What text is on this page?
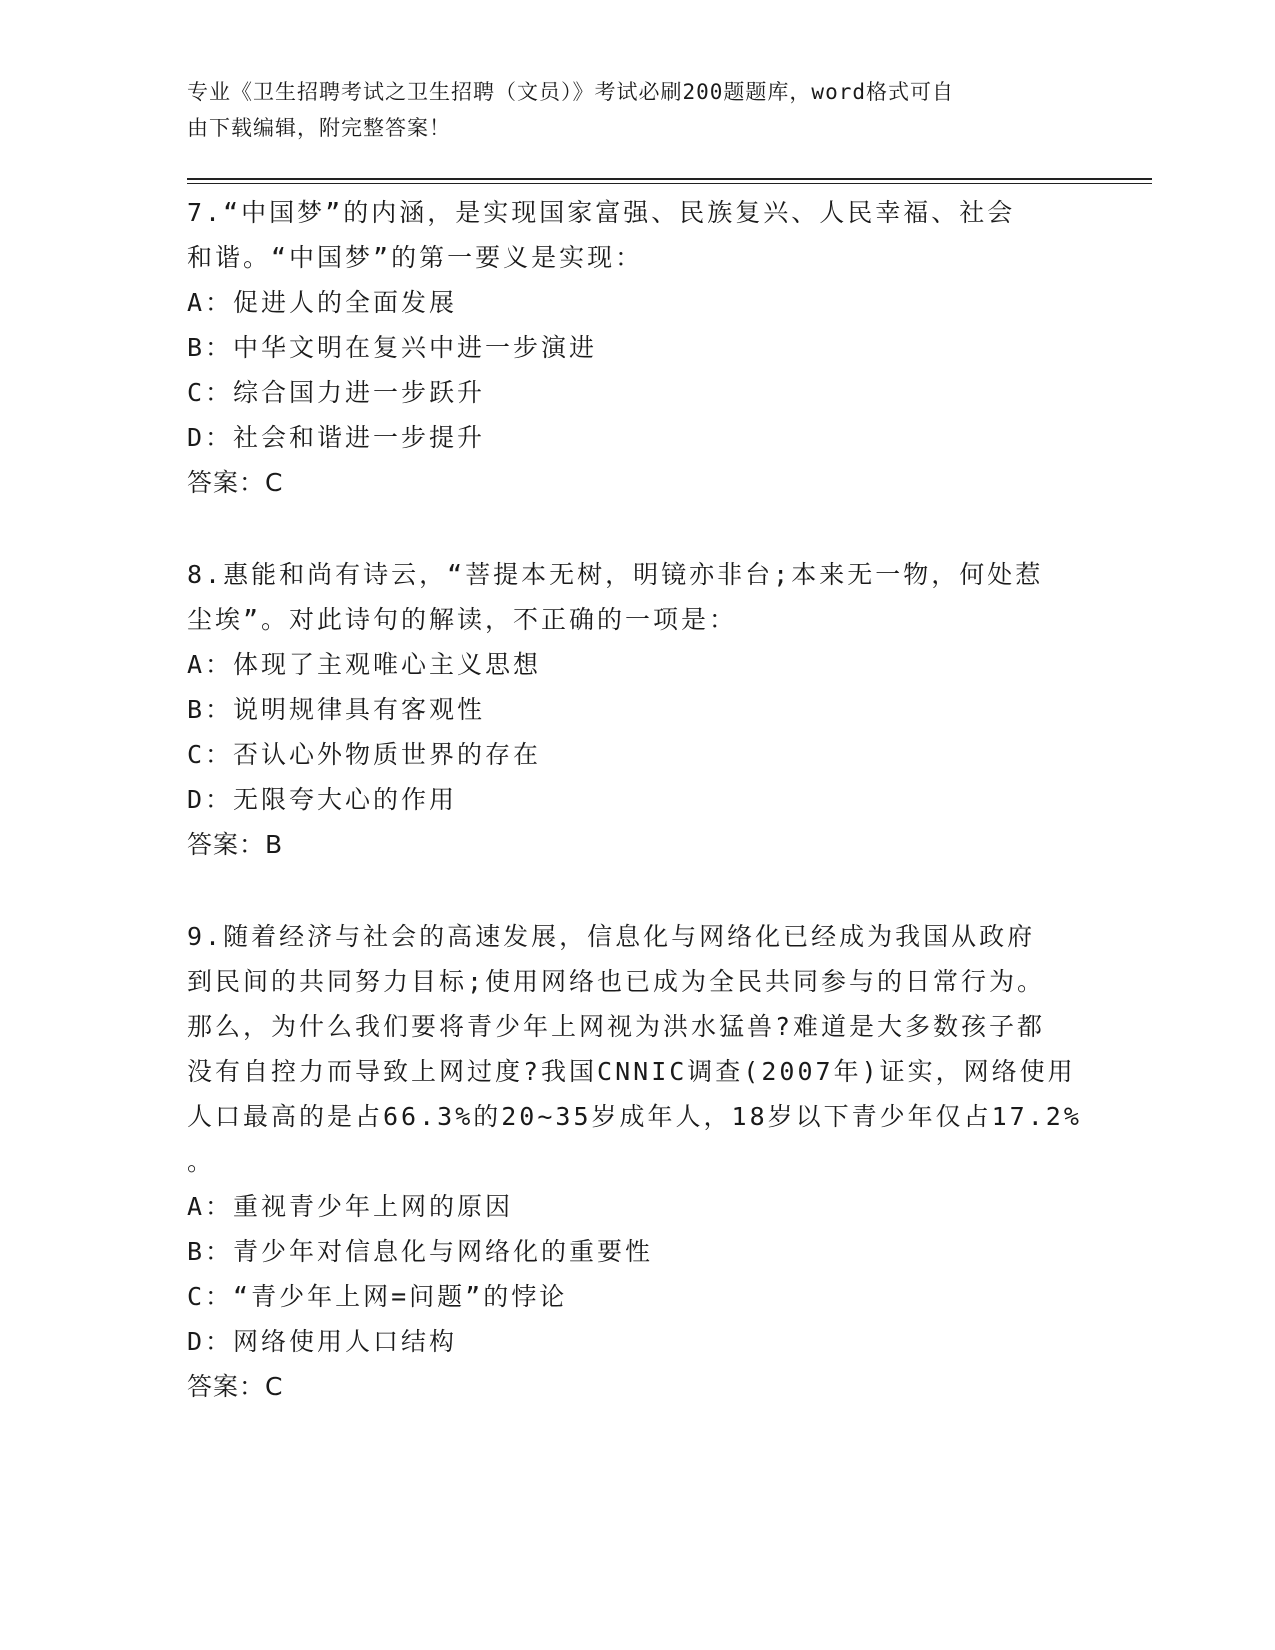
专业《卫生招聘考试之卫生招聘（文员）》考试必刷200题题库，word格式可自
由下载编辑，附完整答案！

7.“中国梦”的内涵，是实现国家富强、民族复兴、人民幸福、社会

和谐。“中国梦”的第一要义是实现：

A：促进人的全面发展

B：中华文明在复兴中进一步演进

C：综合国力进一步跃升

D：社会和谐进一步提升

答案：C

8.惠能和尚有诗云，“菩提本无树，明镜亦非台;本来无一物，何处惹

尘埃”。对此诗句的解读，不正确的一项是：

A：体现了主观唯心主义思想

B：说明规律具有客观性

C：否认心外物质世界的存在

D：无限夸大心的作用

答案：B

9.随着经济与社会的高速发展，信息化与网络化已经成为我国从政府

到民间的共同努力目标;使用网络也已成为全民共同参与的日常行为。

那么，为什么我们要将青少年上网视为洪水猛兽?难道是大多数孩子都

没有自控力而导致上网过度?我国CNNIC调查(2007年)证实，网络使用

人口最高的是占66.3%的20~35岁成年人，18岁以下青少年仅占17.2%

。

A：重视青少年上网的原因

B：青少年对信息化与网络化的重要性

C：“青少年上网=问题”的悖论

D：网络使用人口结构

答案：C
